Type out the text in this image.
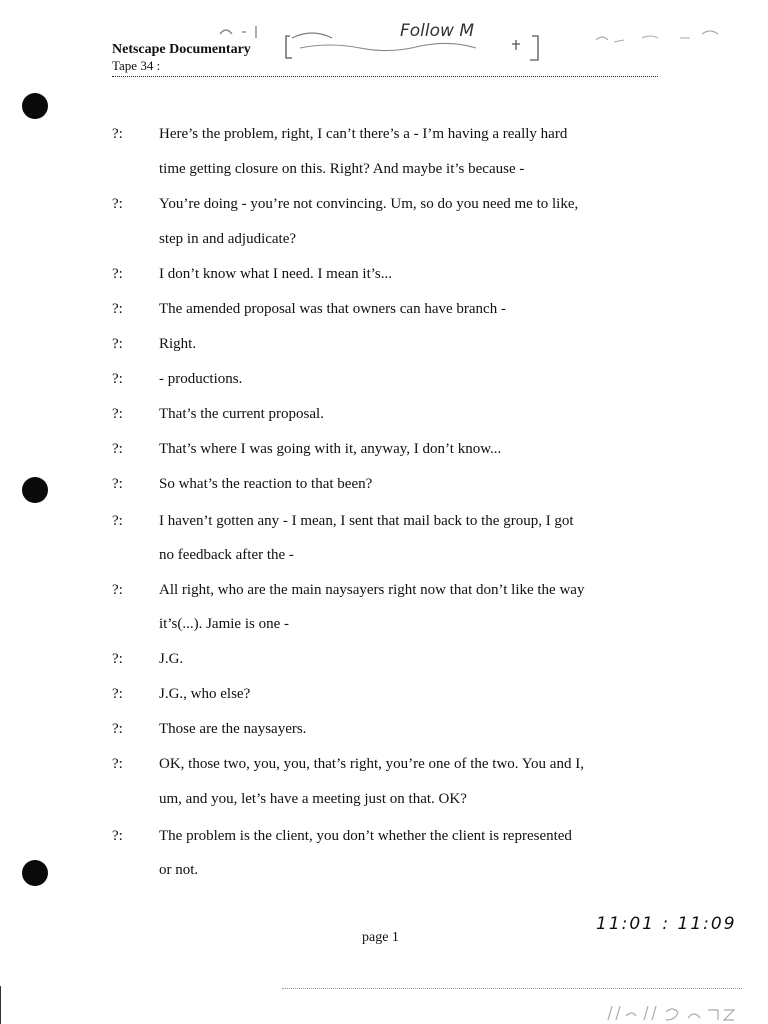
Follow M
Netscape Documentary
Tape 34 :
?: Here’s the problem, right, I can’t there’s a - I’m having a really hard
time getting closure on this. Right? And maybe it’s because -
?: You’re doing - you’re not convincing. Um, so do you need me to like,
step in and adjudicate?
?: I don’t know what I need. I mean it’s...
?: The amended proposal was that owners can have branch -
?: Right.
?: - productions.
?: That’s the current proposal.
?: That’s where I was going with it, anyway, I don’t know...
?: So what’s the reaction to that been?
?: I haven’t gotten any - I mean, I sent that mail back to the group, I got
no feedback after the -
?: All right, who are the main naysayers right now that don’t like the way
it’s(...). Jamie is one -
?: J.G.
?: J.G., who else?
?: Those are the naysayers.
?: OK, those two, you, you, that’s right, you’re one of the two. You and I,
um, and you, let’s have a meeting just on that. OK?
?: The problem is the client, you don’t whether the client is represented
or not.
page 1
11:01 : 11:09
